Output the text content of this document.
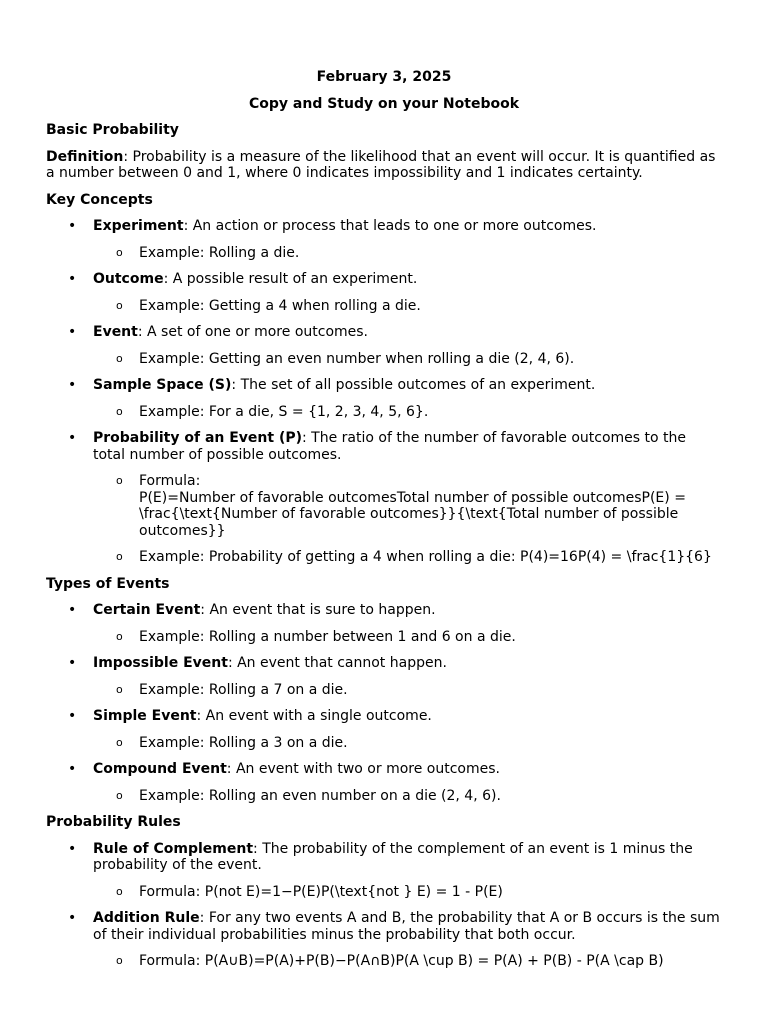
February 3, 2025
Copy and Study on your Notebook
Basic Probability
Definition: Probability is a measure of the likelihood that an event will occur. It is quantified as a number between 0 and 1, where 0 indicates impossibility and 1 indicates certainty.
Key Concepts
• Experiment: An action or process that leads to one or more outcomes.
o Example: Rolling a die.
• Outcome: A possible result of an experiment.
o Example: Getting a 4 when rolling a die.
• Event: A set of one or more outcomes.
o Example: Getting an even number when rolling a die (2, 4, 6).
• Sample Space (S): The set of all possible outcomes of an experiment.
o Example: For a die, S = {1, 2, 3, 4, 5, 6}.
• Probability of an Event (P): The ratio of the number of favorable outcomes to the total number of possible outcomes.
o Formula:
P(E)=Number of favorable outcomesTotal number of possible outcomesP(E) = \frac{\text{Number of favorable outcomes}}{\text{Total number of possible outcomes}}
o Example: Probability of getting a 4 when rolling a die: P(4)=16P(4) = \frac{1}{6}
Types of Events
• Certain Event: An event that is sure to happen.
o Example: Rolling a number between 1 and 6 on a die.
• Impossible Event: An event that cannot happen.
o Example: Rolling a 7 on a die.
• Simple Event: An event with a single outcome.
o Example: Rolling a 3 on a die.
• Compound Event: An event with two or more outcomes.
o Example: Rolling an even number on a die (2, 4, 6).
Probability Rules
• Rule of Complement: The probability of the complement of an event is 1 minus the probability of the event.
o Formula: P(not E)=1−P(E)P(\text{not } E) = 1 - P(E)
• Addition Rule: For any two events A and B, the probability that A or B occurs is the sum of their individual probabilities minus the probability that both occur.
o Formula: P(A∪B)=P(A)+P(B)−P(A∩B)P(A \cup B) = P(A) + P(B) - P(A \cap B)
